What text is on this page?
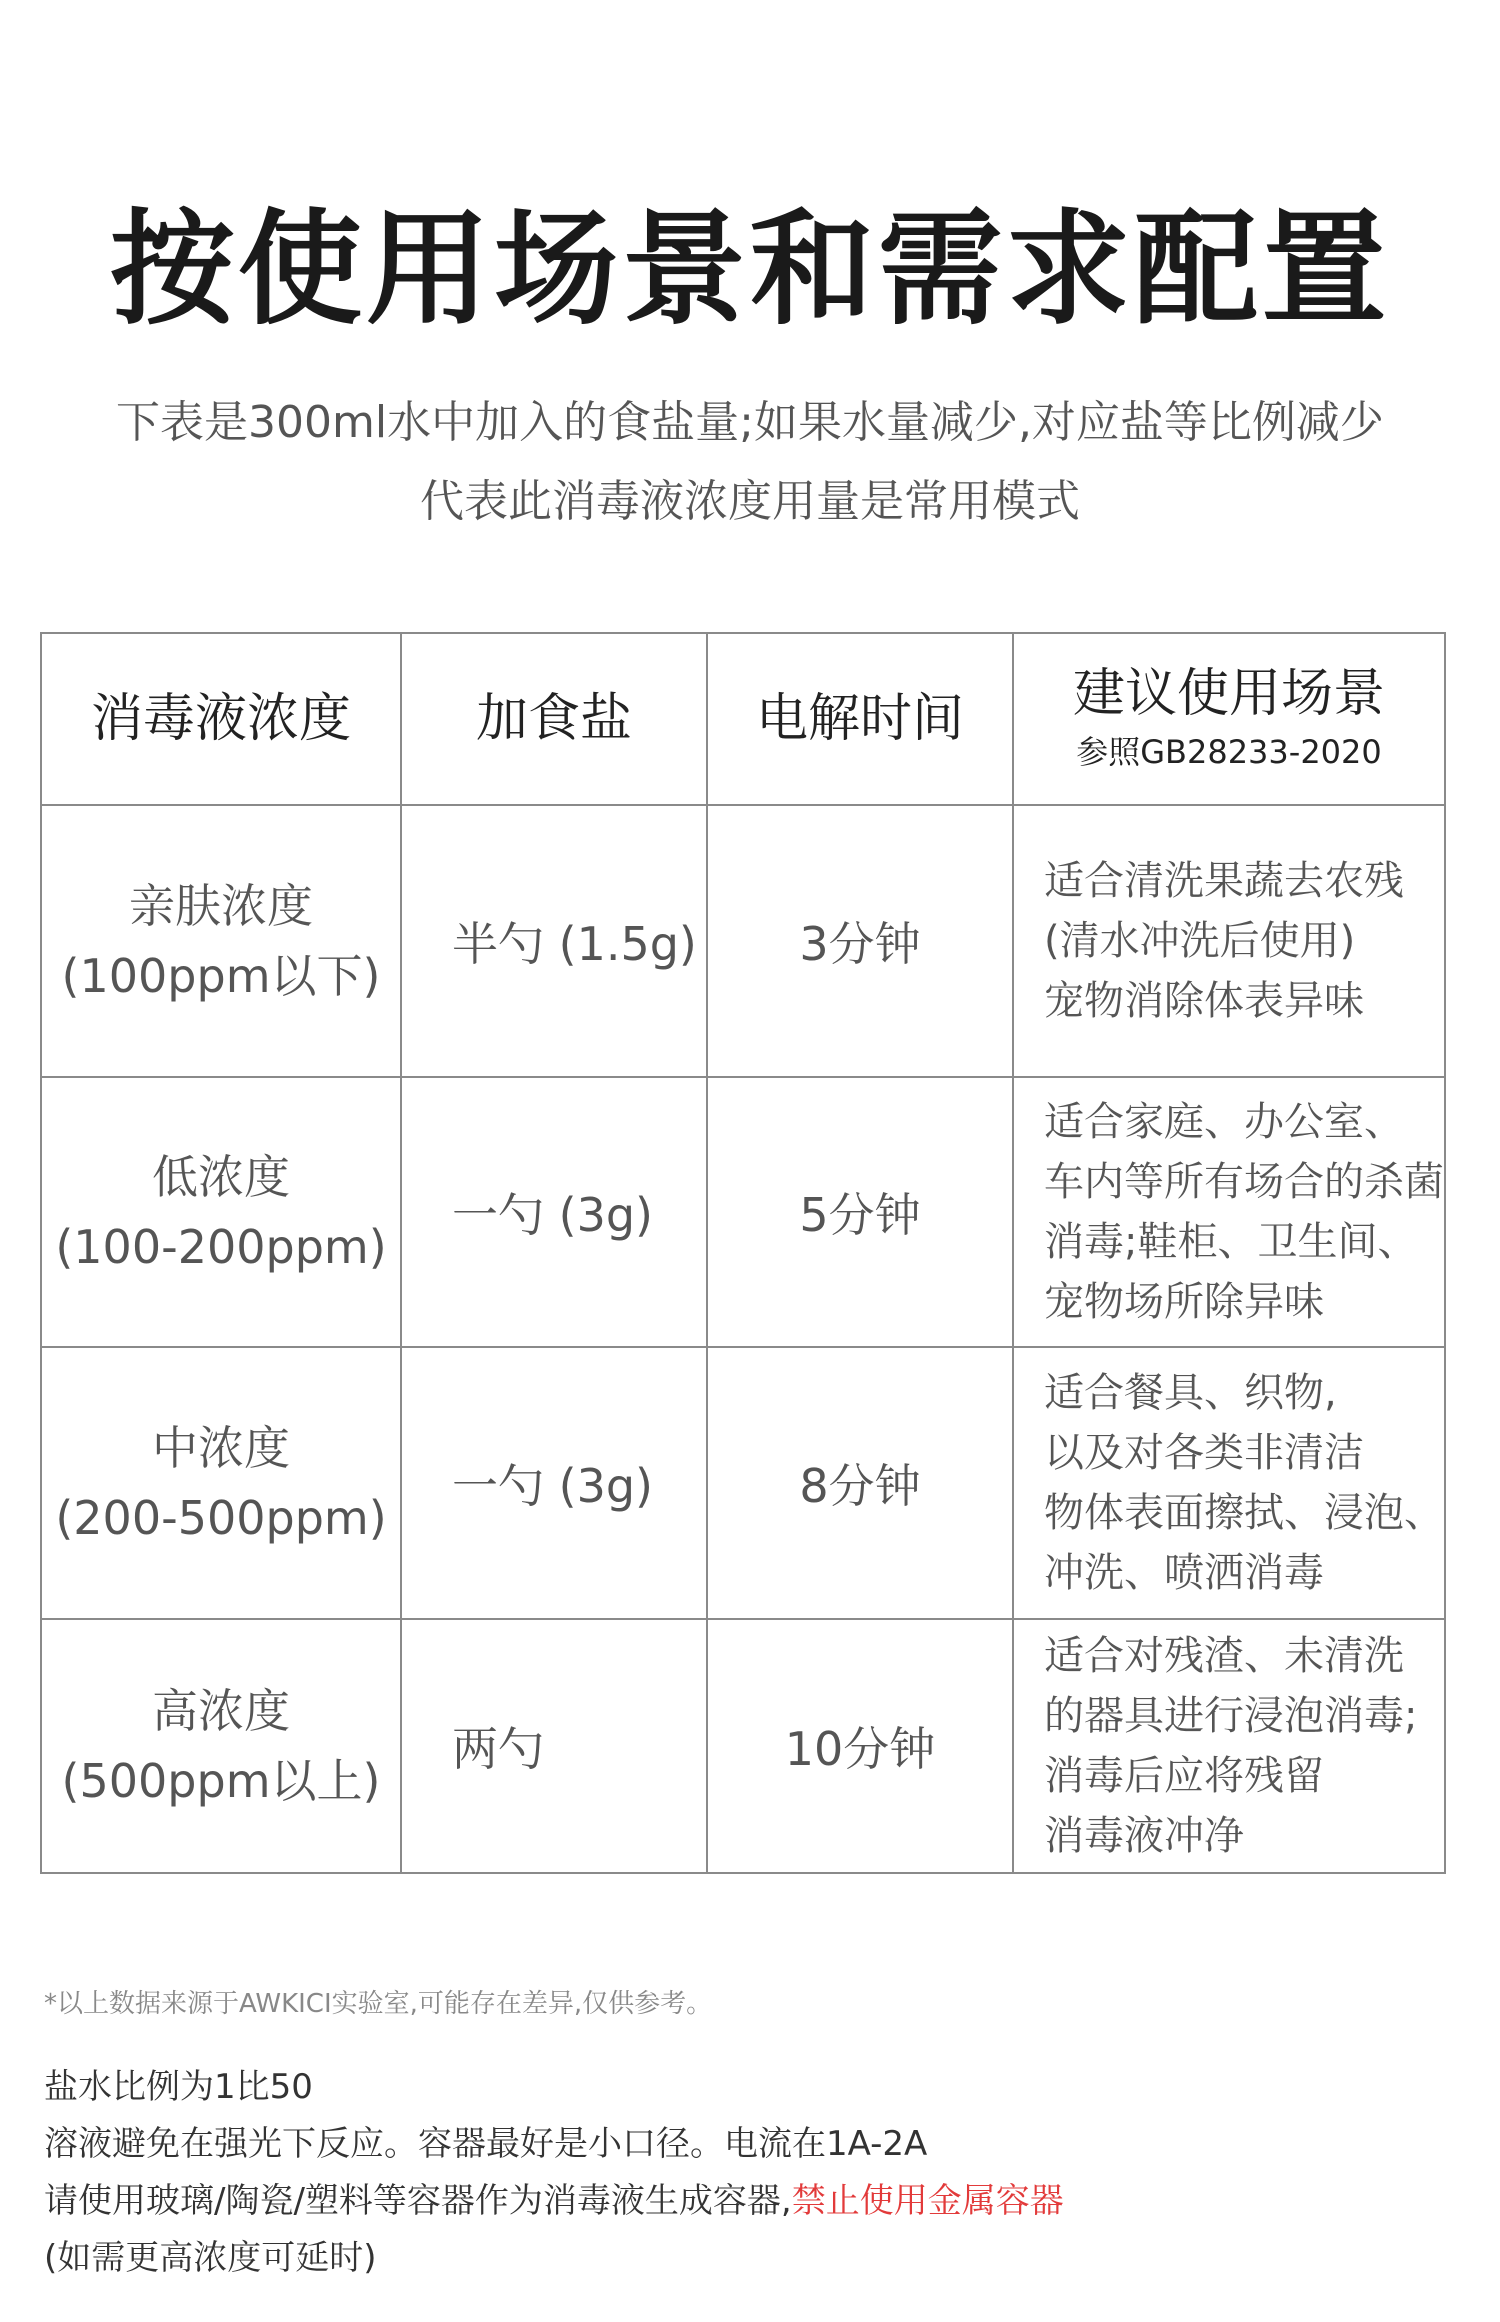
按使用场景和需求配置
下表是300ml水中加入的食盐量;如果水量减少,对应盐等比例减少
代表此消毒液浓度用量是常用模式
消毒液浓度	加食盐	电解时间	建议使用场景
参照GB28233-2020

亲肤浓度
(100ppm以下)	半勺 (1.5g)	3分钟	适合清洗果蔬去农残
(清水冲洗后使用)
宠物消除体表异味

低浓度
(100-200ppm)	一勺 (3g)	5分钟	适合家庭、办公室、
车内等所有场合的杀菌
消毒;鞋柜、卫生间、
宠物场所除异味

中浓度
(200-500ppm)	一勺 (3g)	8分钟	适合餐具、织物,
以及对各类非清洁
物体表面擦拭、浸泡、
冲洗、喷洒消毒

高浓度
(500ppm以上)	两勺	10分钟	适合对残渣、未清洗
的器具进行浸泡消毒;
消毒后应将残留
消毒液冲净
*以上数据来源于AWKICI实验室,可能存在差异,仅供参考。
盐水比例为1比50
溶液避免在强光下反应。容器最好是小口径。电流在1A-2A
请使用玻璃/陶瓷/塑料等容器作为消毒液生成容器,禁止使用金属容器
(如需更高浓度可延时)
